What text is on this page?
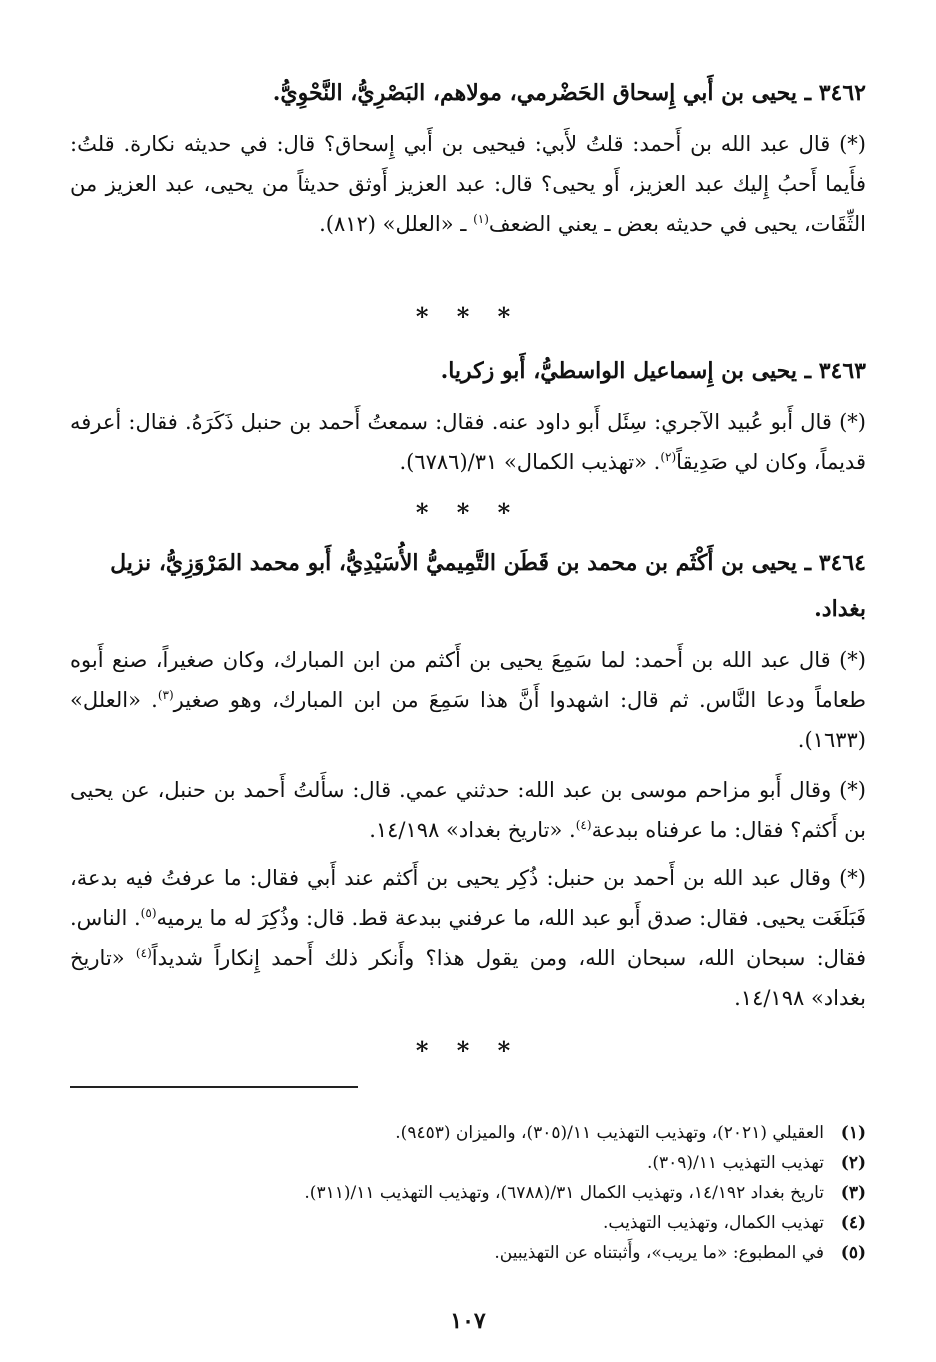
٣٤٦٢ ـ يحيى بن أَبي إِسحاق الحَضْرمي، مولاهم، البَصْرِيُّ، النَّحْوِيُّ.

(*) قال عبد الله بن أَحمد: قلتُ لأَبي: فيحيى بن أَبي إِسحاق؟ قال: في حديثه نكارة. قلتُ: فأَيما أَحبُ إِليك عبد العزيز، أَو يحيى؟ قال: عبد العزيز أَوثق حديثاً من يحيى، عبد العزيز من الثِّقَات، يحيى في حديثه بعض ـ يعني الضعف$^{(١)}$ ـ «العلل» (٨١٢).

* * *
٣٤٦٣ ـ يحيى بن إِسماعيل الواسطيُّ، أَبو زكريا.

(*) قال أَبو عُبيد الآجري: سِئَل أَبو داود عنه. فقال: سمعتُ أَحمد بن حنبل ذَكَرَهُ. فقال: أعرفه قديماً، وكان لي صَدِيقاً$^{(٢)}$. «تهذيب الكمال» ٣١/(٦٧٨٦).

* * *
٣٤٦٤ ـ يحيى بن أَكْثَم بن محمد بن قَطَن التَّمِيميُّ الأُسَيْدِيُّ، أَبو محمد المَرْوَزِيُّ، نزيل بغداد.

(*) قال عبد الله بن أَحمد: لما سَمِعَ يحيى بن أَكثم من ابن المبارك، وكان صغيراً، صنع أَبوه طعاماً ودعا النَّاس. ثم قال: اشهدوا أَنَّ هذا سَمِعَ من ابن المبارك، وهو صغير$^{(٣)}$. «العلل» (١٦٣٣).

(*) وقال أَبو مزاحم موسى بن عبد الله: حدثني عمي. قال: سأَلتُ أَحمد بن حنبل، عن يحيى بن أَكثم؟ فقال: ما عرفناه ببدعة$^{(٤)}$. «تاريخ بغداد» ١٤/١٩٨.

(*) وقال عبد الله بن أَحمد بن حنبل: ذُكِر يحيى بن أَكثم عند أَبي فقال: ما عرفتُ فيه بدعة، فَبَلَغَت يحيى. فقال: صدق أَبو عبد الله، ما عرفني ببدعة قط. قال: وذُكِرَ له ما يرميه$^{(٥)}$. الناس. فقال: سبحان الله، سبحان الله، ومن يقول هذا؟ وأَنكر ذلك أَحمد إِنكاراً شديداً$^{(٤)}$ «تاريخ بغداد» ١٤/١٩٨.

* * *
(١)
العقيلي (٢٠٢١)، وتهذيب التهذيب ١١/(٣٠٥)، والميزان (٩٤٥٣).
(٢)
تهذيب التهذيب ١١/(٣٠٩).
(٣)
تاريخ بغداد ١٤/١٩٢، وتهذيب الكمال ٣١/(٦٧٨٨)، وتهذيب التهذيب ١١/(٣١١).
(٤)
تهذيب الكمال، وتهذيب التهذيب.
(٥)
في المطبوع: «ما يريب»، وأَثبتناه عن التهذيبين.
١٠٧
